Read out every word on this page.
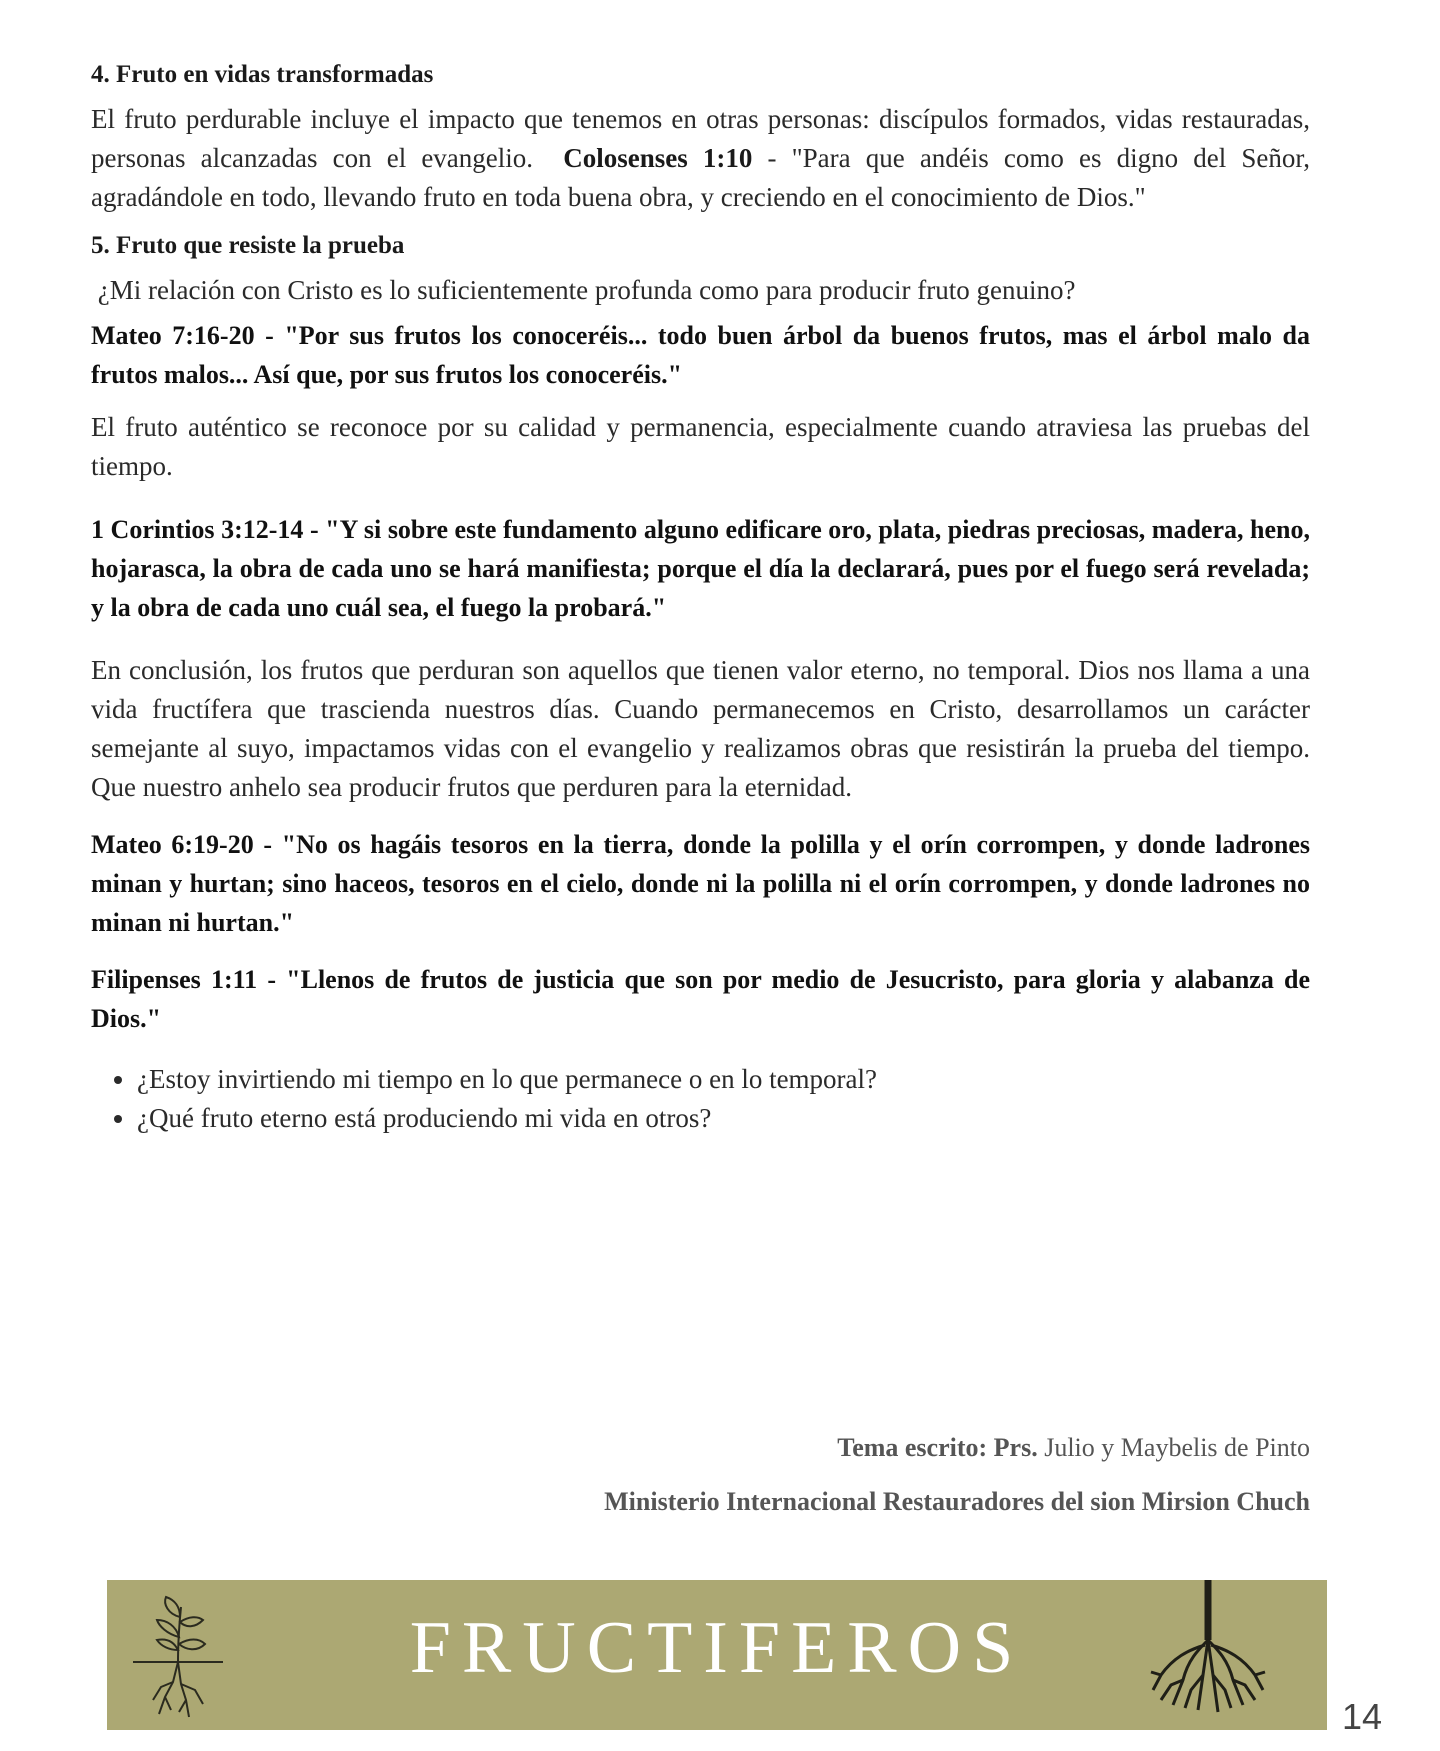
4. Fruto en vidas transformadas

El fruto perdurable incluye el impacto que tenemos en otras personas: discípulos formados, vidas restauradas, personas alcanzadas con el evangelio. Colosenses 1:10 - "Para que andéis como es digno del Señor, agradándole en todo, llevando fruto en toda buena obra, y creciendo en el conocimiento de Dios."

5. Fruto que resiste la prueba

¿Mi relación con Cristo es lo suficientemente profunda como para producir fruto genuino?

Mateo 7:16-20 - "Por sus frutos los conoceréis... todo buen árbol da buenos frutos, mas el árbol malo da frutos malos... Así que, por sus frutos los conoceréis."

El fruto auténtico se reconoce por su calidad y permanencia, especialmente cuando atraviesa las pruebas del tiempo.

1 Corintios 3:12-14 - "Y si sobre este fundamento alguno edificare oro, plata, piedras preciosas, madera, heno, hojarasca, la obra de cada uno se hará manifiesta; porque el día la declarará, pues por el fuego será revelada; y la obra de cada uno cuál sea, el fuego la probará."

En conclusión, los frutos que perduran son aquellos que tienen valor eterno, no temporal. Dios nos llama a una vida fructífera que trascienda nuestros días. Cuando permanecemos en Cristo, desarrollamos un carácter semejante al suyo, impactamos vidas con el evangelio y realizamos obras que resistirán la prueba del tiempo. Que nuestro anhelo sea producir frutos que perduren para la eternidad.

Mateo 6:19-20 - "No os hagáis tesoros en la tierra, donde la polilla y el orín corrompen, y donde ladrones minan y hurtan; sino haceos, tesoros en el cielo, donde ni la polilla ni el orín corrompen, y donde ladrones no minan ni hurtan."

Filipenses 1:11 - "Llenos de frutos de justicia que son por medio de Jesucristo, para gloria y alabanza de Dios."

• ¿Estoy invirtiendo mi tiempo en lo que permanece o en lo temporal?
• ¿Qué fruto eterno está produciendo mi vida en otros?
Tema escrito: Prs. Julio y Maybelis de Pinto
Ministerio Internacional Restauradores del sion Mirsion Chuch
FRUCTIFEROS
14
